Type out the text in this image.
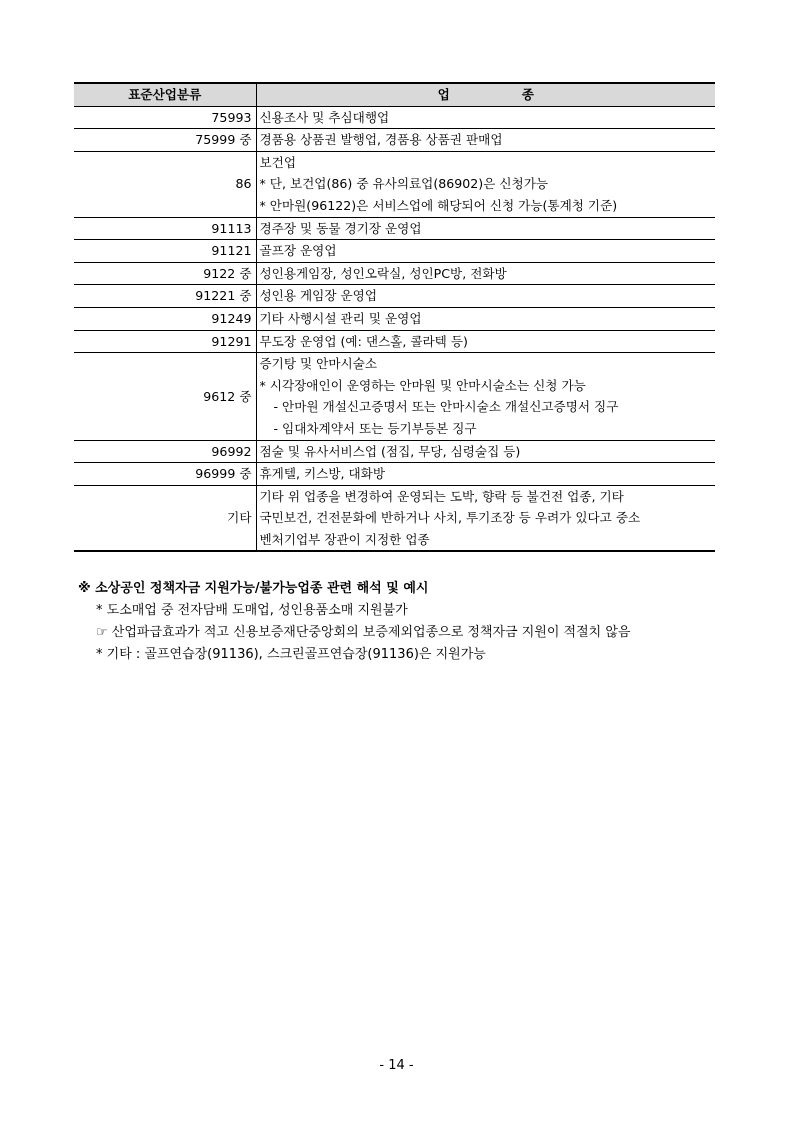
표준산업분류	업 종
75993	신용조사 및 추심대행업

75999 중	경품용 상품권 발행업, 경품용 상품권 판매업

86	보건업
* 단, 보건업(86) 중 유사의료업(86902)은 신청가능
* 안마원(96122)은 서비스업에 해당되어 신청 가능(통계청 기준)

91113	경주장 및 동물 경기장 운영업

91121	골프장 운영업

9122 중	성인용게임장, 성인오락실, 성인PC방, 전화방

91221 중	성인용 게임장 운영업

91249	기타 사행시설 관리 및 운영업

91291	무도장 운영업 (예: 댄스홀, 콜라텍 등)

9612 중	증기탕 및 안마시술소
* 시각장애인이 운영하는 안마원 및 안마시술소는 신청 가능
- 안마원 개설신고증명서 또는 안마시술소 개설신고증명서 징구
- 임대차계약서 또는 등기부등본 징구

96992	점술 및 유사서비스업 (점집, 무당, 심령술집 등)

96999 중	휴게텔, 키스방, 대화방

기타	기타 위 업종을 변경하여 운영되는 도박, 향락 등 불건전 업종, 기타
국민보건, 건전문화에 반하거나 사치, 투기조장 등 우려가 있다고 중소
벤처기업부 장관이 지정한 업종
※ 소상공인 정책자금 지원가능/불가능업종 관련 해석 및 예시
* 도소매업 중 전자담배 도매업, 성인용품소매 지원불가
☞ 산업파급효과가 적고 신용보증재단중앙회의 보증제외업종으로 정책자금 지원이 적절치 않음
* 기타 : 골프연습장(91136), 스크린골프연습장(91136)은 지원가능
- 14 -
